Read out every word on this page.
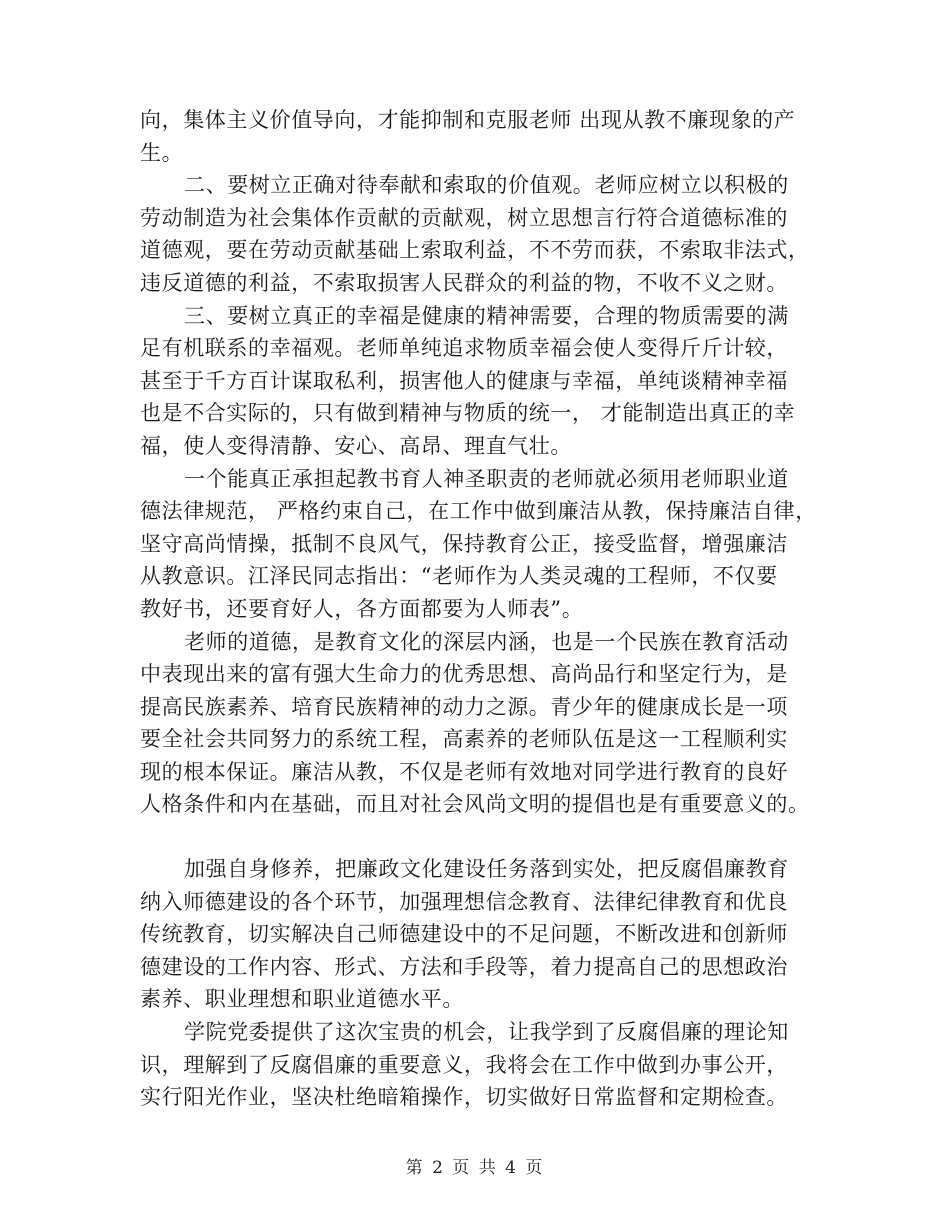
向，集体主义价值导向，才能抑制和克服老师 出现从教不廉现象的产
生。
二、要树立正确对待奉献和索取的价值观。老师应树立以积极的
劳动制造为社会集体作贡献的贡献观，树立思想言行符合道德标准的
道德观，要在劳动贡献基础上索取利益，不不劳而获，不索取非法式，
违反道德的利益，不索取损害人民群众的利益的物，不收不义之财。
三、要树立真正的幸福是健康的精神需要，合理的物质需要的满
足有机联系的幸福观。老师单纯追求物质幸福会使人变得斤斤计较，
甚至于千方百计谋取私利，损害他人的健康与幸福，单纯谈精神幸福
也是不合实际的，只有做到精神与物质的统一， 才能制造出真正的幸
福，使人变得清静、安心、高昂、理直气壮。
一个能真正承担起教书育人神圣职责的老师就必须用老师职业道
德法律规范， 严格约束自己，在工作中做到廉洁从教，保持廉洁自律，
坚守高尚情操，抵制不良风气，保持教育公正，接受监督，增强廉洁
从教意识。江泽民同志指出：“老师作为人类灵魂的工程师，不仅要
教好书，还要育好人，各方面都要为人师表”。
老师的道德，是教育文化的深层内涵，也是一个民族在教育活动
中表现出来的富有强大生命力的优秀思想、高尚品行和坚定行为，是
提高民族素养、培育民族精神的动力之源。青少年的健康成长是一项
要全社会共同努力的系统工程，高素养的老师队伍是这一工程顺利实
现的根本保证。廉洁从教，不仅是老师有效地对同学进行教育的良好
人格条件和内在基础，而且对社会风尚文明的提倡也是有重要意义的。
加强自身修养，把廉政文化建设任务落到实处，把反腐倡廉教育
纳入师德建设的各个环节，加强理想信念教育、法律纪律教育和优良
传统教育，切实解决自己师德建设中的不足问题，不断改进和创新师
德建设的工作内容、形式、方法和手段等，着力提高自己的思想政治
素养、职业理想和职业道德水平。
学院党委提供了这次宝贵的机会，让我学到了反腐倡廉的理论知
识，理解到了反腐倡廉的重要意义，我将会在工作中做到办事公开，
实行阳光作业，坚决杜绝暗箱操作，切实做好日常监督和定期检查。
第 2 页 共 4 页
